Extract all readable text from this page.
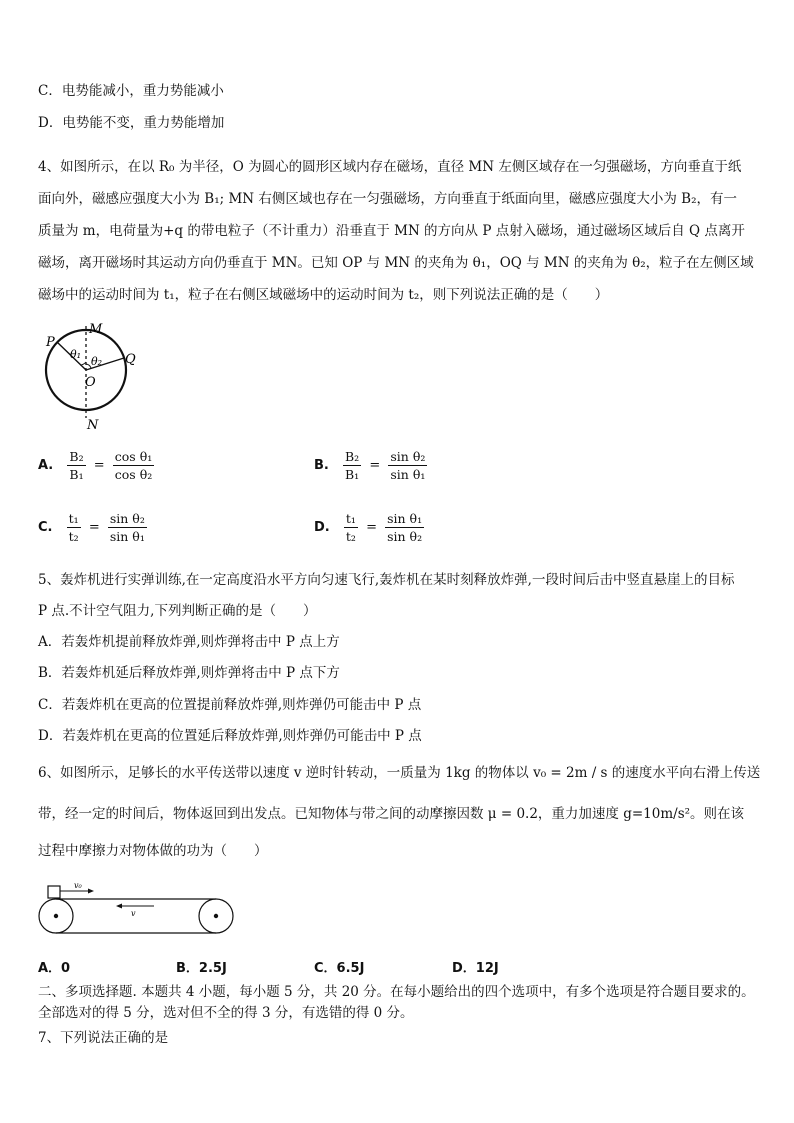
C．电势能减小，重力势能减小
D．电势能不变，重力势能增加
4、如图所示，在以 R₀ 为半径，O 为圆心的圆形区域内存在磁场，直径 MN 左侧区域存在一匀强磁场，方向垂直于纸
面向外，磁感应强度大小为 B₁; MN 右侧区域也存在一匀强磁场，方向垂直于纸面向里，磁感应强度大小为 B₂，有一
质量为 m，电荷量为+q 的带电粒子（不计重力）沿垂直于 MN 的方向从 P 点射入磁场，通过磁场区域后自 Q 点离开
磁场，离开磁场时其运动方向仍垂直于 MN。已知 OP 与 MN 的夹角为 θ₁，OQ 与 MN 的夹角为 θ₂，粒子在左侧区域
磁场中的运动时间为 t₁，粒子在右侧区域磁场中的运动时间为 t₂，则下列说法正确的是（　　）
P
M
Q
O
N
θ₁
θ₂
A. $\frac{\text{B₂}}{\text{B₁}} = \frac{\text{cos θ₁}}{\text{cos θ₂}}$	B. $\frac{\text{B₂}}{\text{B₁}} = \frac{\text{sin θ₂}}{\text{sin θ₁}}$
C. $\frac{\text{t₁}}{\text{t₂}} = \frac{\text{sin θ₂}}{\text{sin θ₁}}$	D. $\frac{\text{t₁}}{\text{t₂}} = \frac{\text{sin θ₁}}{\text{sin θ₂}}$
5、轰炸机进行实弹训练,在一定高度沿水平方向匀速飞行,轰炸机在某时刻释放炸弹,一段时间后击中竖直悬崖上的目标
P 点.不计空气阻力,下列判断正确的是（　　）
A．若轰炸机提前释放炸弹,则炸弹将击中 P 点上方
B．若轰炸机延后释放炸弹,则炸弹将击中 P 点下方
C．若轰炸机在更高的位置提前释放炸弹,则炸弹仍可能击中 P 点
D．若轰炸机在更高的位置延后释放炸弹,则炸弹仍可能击中 P 点
6、如图所示，足够长的水平传送带以速度 v 逆时针转动，一质量为 1kg 的物体以 v₀ = 2m / s 的速度水平向右滑上传送
带，经一定的时间后，物体返回到出发点。已知物体与带之间的动摩擦因数 μ = 0.2，重力加速度 g=10m/s²。则在该
过程中摩擦力对物体做的功为（　　）
v₀
v
A．0	B．2.5J	C．6.5J	D．12J
二、多项选择题. 本题共 4 小题，每小题 5 分，共 20 分。在每小题给出的四个选项中，有多个选项是符合题目要求的。
全部选对的得 5 分，选对但不全的得 3 分，有选错的得 0 分。
7、下列说法正确的是
